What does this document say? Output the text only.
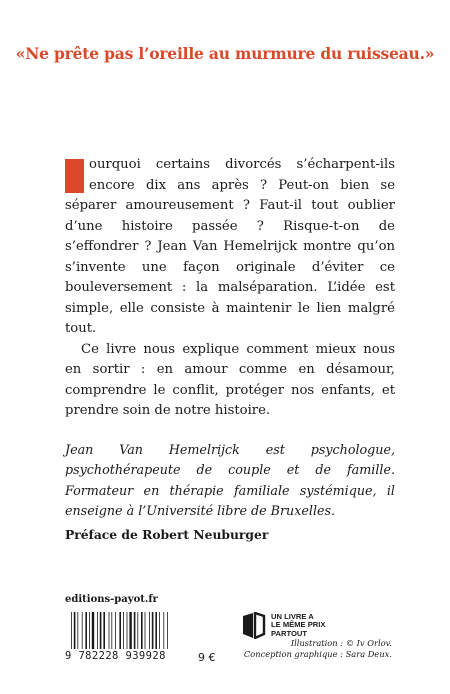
«Ne prête pas l’oreille au murmure du ruisseau.»

ourquoi certains divorcés s’écharpent-ils encore dix ans après ? Peut-on bien se séparer amoureusement ? Faut-il tout oublier d’une histoire passée ? Risque-t-on de s’effondrer ? Jean Van Hemelrijck montre qu’on s’invente une façon originale d’éviter ce bouleversement : la malséparation. L’idée est simple, elle consiste à maintenir le lien malgré tout.

Ce livre nous explique comment mieux nous en sortir : en amour comme en désamour, comprendre le conflit, protéger nos enfants, et prendre soin de notre histoire.

Jean Van Hemelrijck est psychologue, psychothérapeute de couple et de famille. Formateur en thérapie familiale systémique, il enseigne à l’Université libre de Bruxelles.

Préface de Robert Neuburger
editions-payot.fr
9 782228 939928	9 €
UN LIVRE A
LE MÊME PRIX
PARTOUT
Illustration : © Iv Orlov.
Conception graphique : Sara Deux.
